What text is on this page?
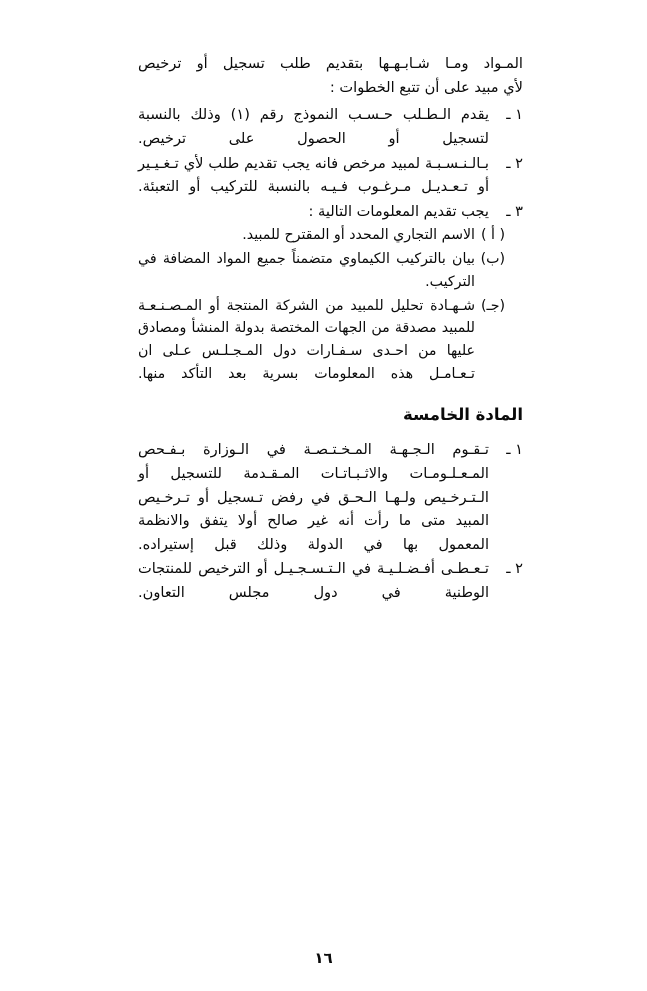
المـواد ومـا شـابـهـها بتقديم طلب تسجيل أو ترخيص
لأي مبيد على أن تتبع الخطوات :
١ ـ
يقدم الـطـلب حـسـب النموذج رقم (١) وذلك بالنسبة لتسجيل أو الحصول على ترخيص.
٢ ـ
بـالـنـسـبـة لمبيد مرخص فانه يجب تقديم طلب لأي تـغـيـير أو تـعـديـل مـرغـوب فـيـه بالنسبة للتركيب أو التعبئة.
٣ ـ
يجب تقديم المعلومات التالية :
( أ )
الاسم التجاري المحدد أو المقترح للمبيد.
(ب)
بيان بالتركيب الكيماوي متضمناً جميع المواد المضافة في التركيب.
(جـ)
شـهـادة تحليل للمبيد من الشركة المنتجة أو المـصـنـعـة للمبيد مصدقة من الجهات المختصة بدولة المنشأ ومصادق عليها من احـدى سـفـارات دول المـجـلـس عـلى ان تـعـامـل هذه المعلومات بسرية بعد التأكد منها.
المادة الخامسة
١ ـ
تـقـوم الـجـهـة المـخـتـصـة في الـوزارة بـفـحص المـعـلـومـات والاثـبـاتـات المـقـدمة للتسجيل أو الـتـرخـيص ولـهـا الـحـق في رفض تـسجيل أو تـرخـيص المبيد متى ما رأت أنه غير صالح أولا يتفق والانظمة المعمول بها في الدولة وذلك قبل إستيراده.
٢ ـ
تـعـطـى أفـضـلـيـة في الـتـسـجـيـل أو الترخيص للمنتجات الوطنية في دول مجلس التعاون.
١٦
